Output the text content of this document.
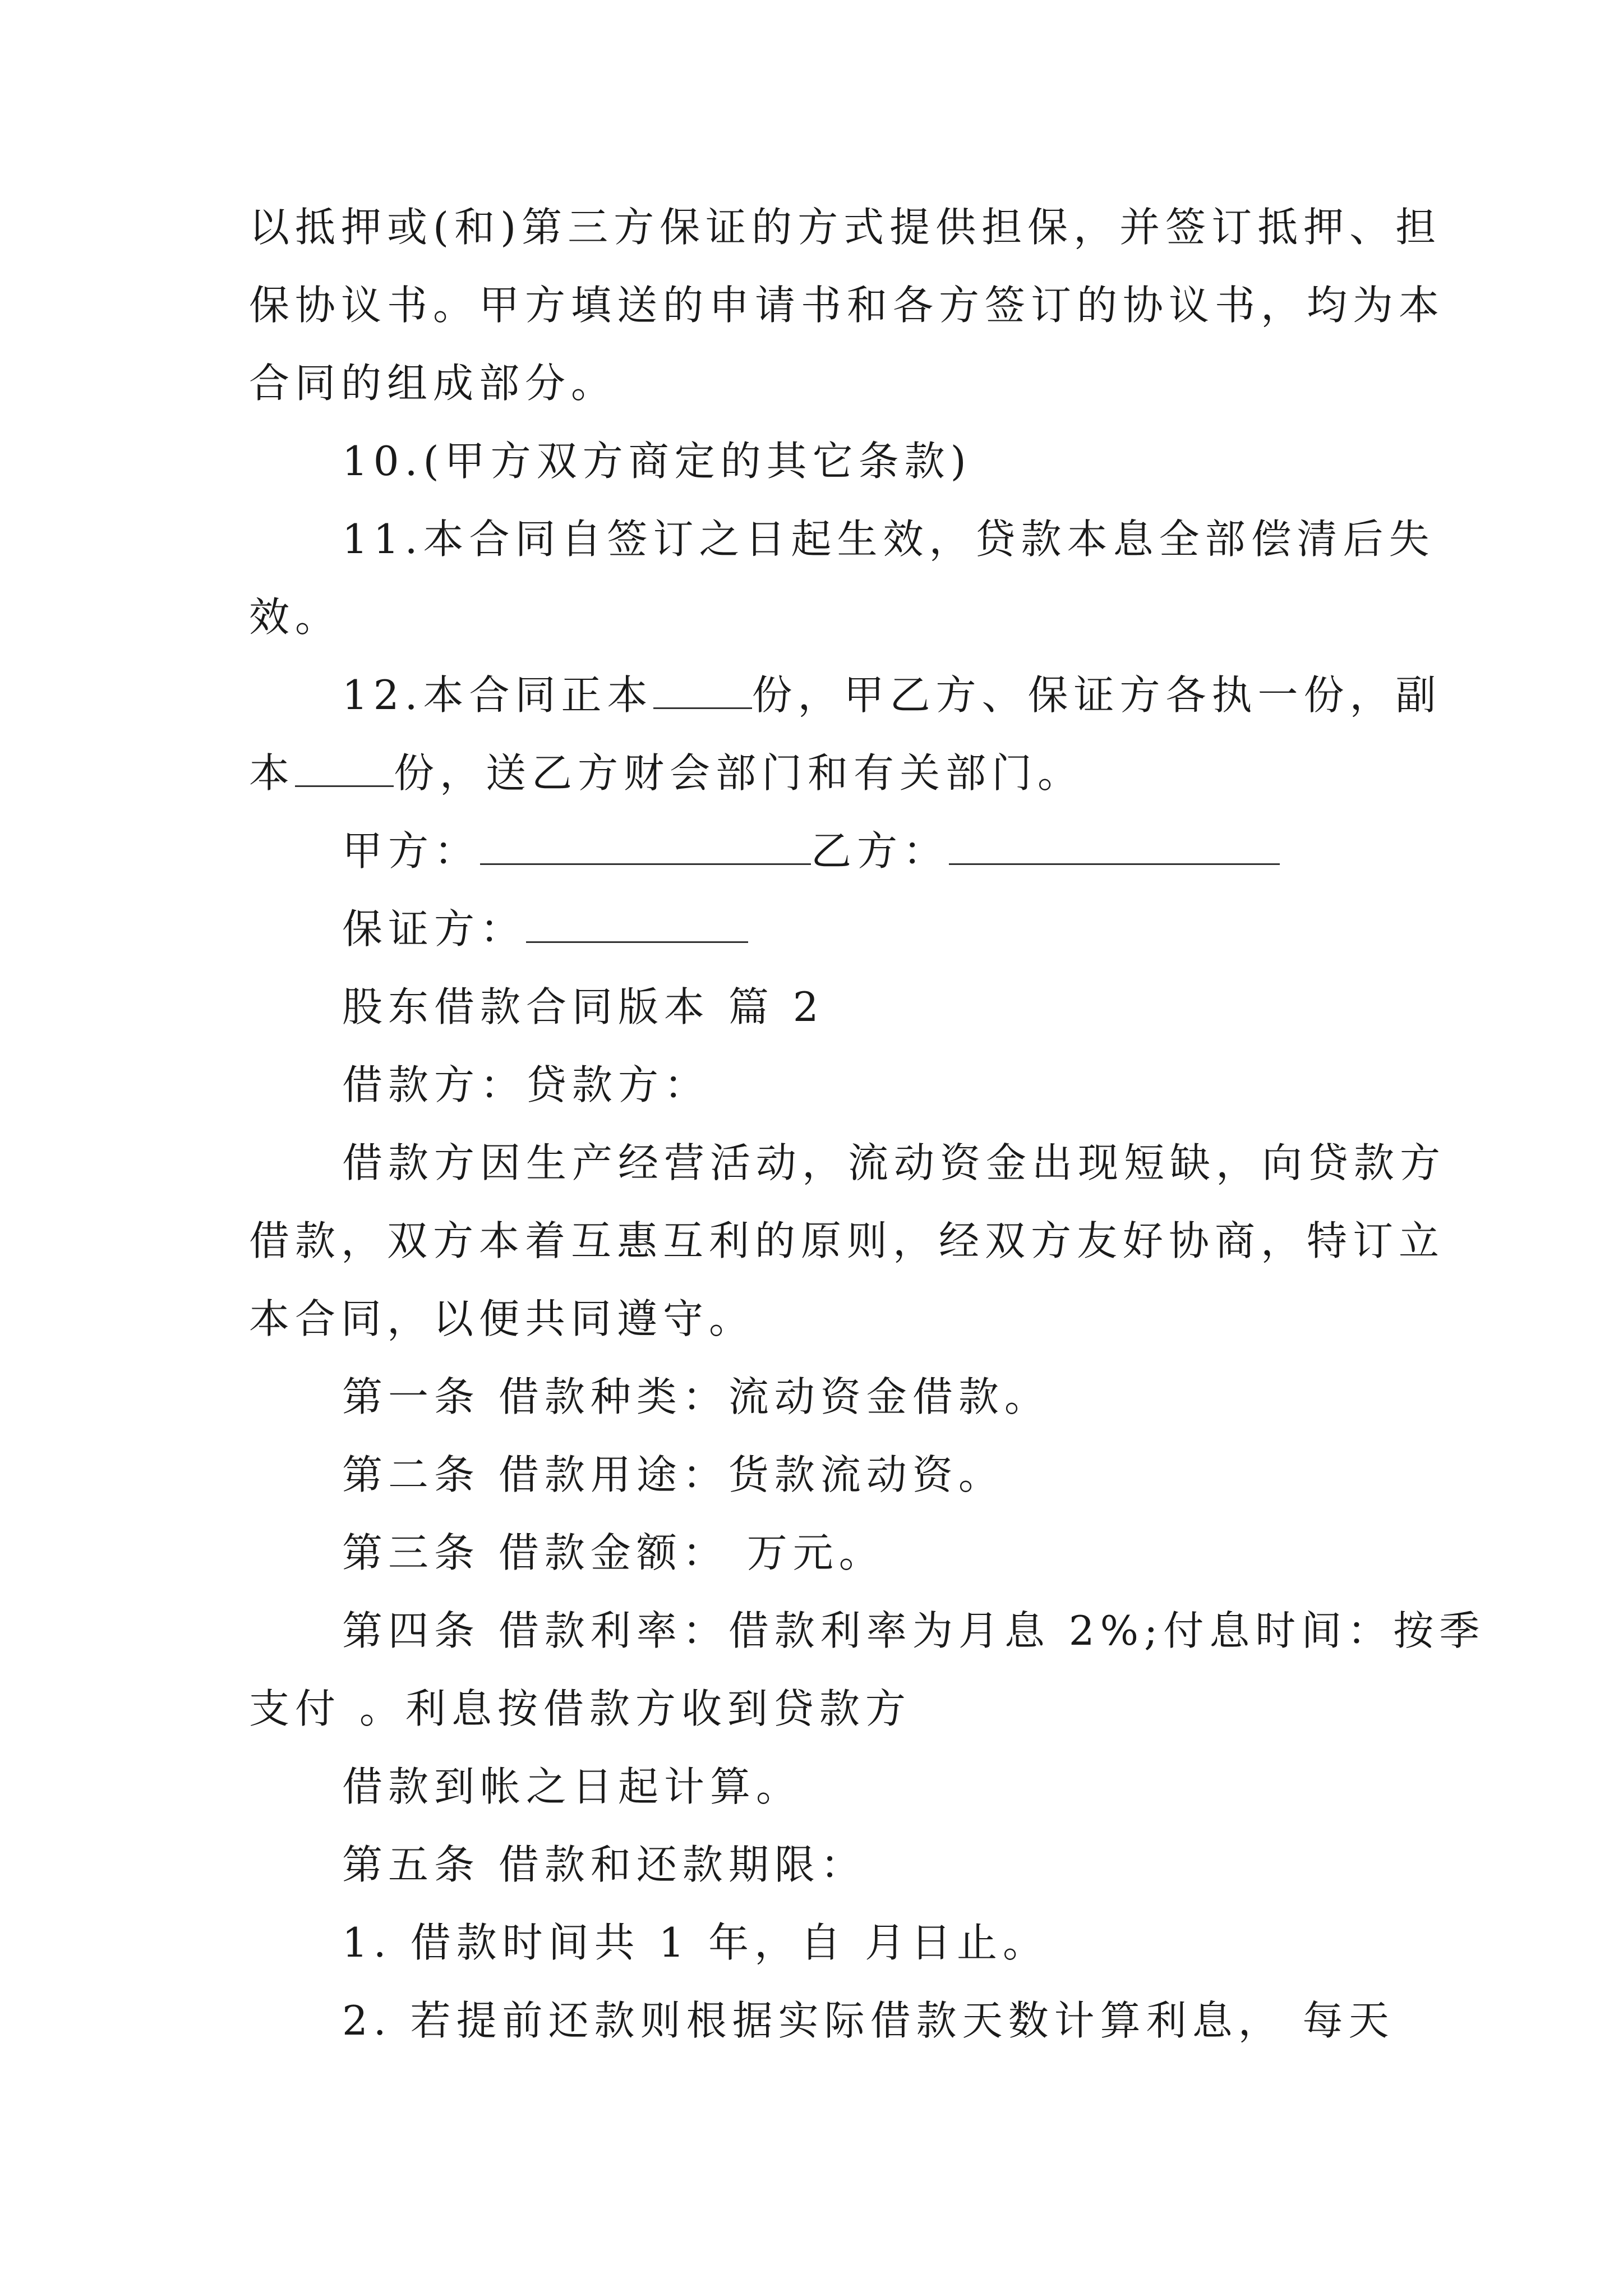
以抵押或(和)第三方保证的方式提供担保，并签订抵押、担
保协议书。甲方填送的申请书和各方签订的协议书，均为本
合同的组成部分。
10.(甲方双方商定的其它条款)
11.本合同自签订之日起生效，贷款本息全部偿清后失
效。
12.本合同正本 份，甲乙方、保证方各执一份，副
本 份，送乙方财会部门和有关部门。
甲方：	乙方：
保证方：
股东借款合同版本 篇 2
借款方：贷款方：
借款方因生产经营活动，流动资金出现短缺，向贷款方
借款，双方本着互惠互利的原则，经双方友好协商，特订立
本合同，以便共同遵守。
第一条 借款种类：流动资金借款。
第二条 借款用途：货款流动资。
第三条 借款金额： 万元。
第四条 借款利率：借款利率为月息 2%;付息时间：按季
支付 。利息按借款方收到贷款方
借款到帐之日起计算。
第五条 借款和还款期限：
1. 借款时间共 1 年，自 月日止。
2. 若提前还款则根据实际借款天数计算利息， 每天
